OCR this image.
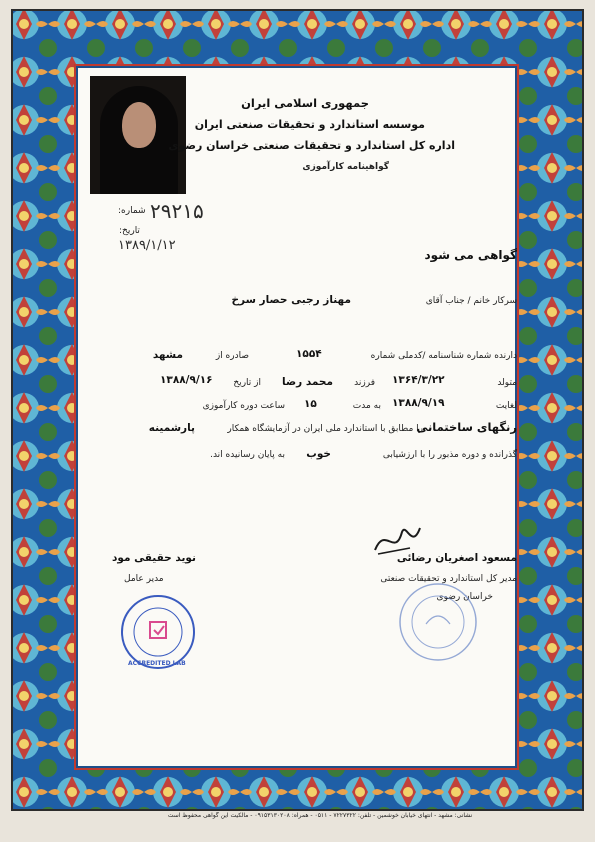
جمهوری اسلامی ایران
موسسه استاندارد و تحقیقات صنعتی ایران
اداره کل استاندارد و تحقیقات صنعتی خراسان رضوی
گواهینامه کارآموزی
شماره: ۲۹۲۱۵
تاریخ:
۱۳۸۹/۱/۱۲
گواهی می شود
سرکار خانم / جناب آقای
مهناز رجبی حصار سرخ
دارنده شماره شناسنامه /کدملی شماره
۱۵۵۴
صادره از
مشهد
متولد
۱۳۶۴/۳/۲۲
فرزند
محمد رضا
از تاریخ
۱۳۸۸/۹/۱۶
لغایت
۱۳۸۸/۹/۱۹
به مدت
۱۵
ساعت دوره کارآموزی
رنگهای ساختمانی
را مطابق با استاندارد ملی ایران در آزمایشگاه همکار
پارشمینه
گذرانده و دوره مذبور را با ارزشیابی
خوب
به پایان رسانیده اند.
مسعود اصغریان رضائی
مدیر کل استاندارد و تحقیقات صنعتی
خراسان رضوی
نوید حقیقی مود
مدیر عامل
ACCREDITED LAB
نشانی: مشهد - انتهای خیابان خوشمین - تلفن: ۷۲۲۷۳۲۲ - ۰۵۱۱ - همراه: ۰۹۱۵۳۱۳۰۲۰۸ - مالکیت این گواهی محفوظ است
